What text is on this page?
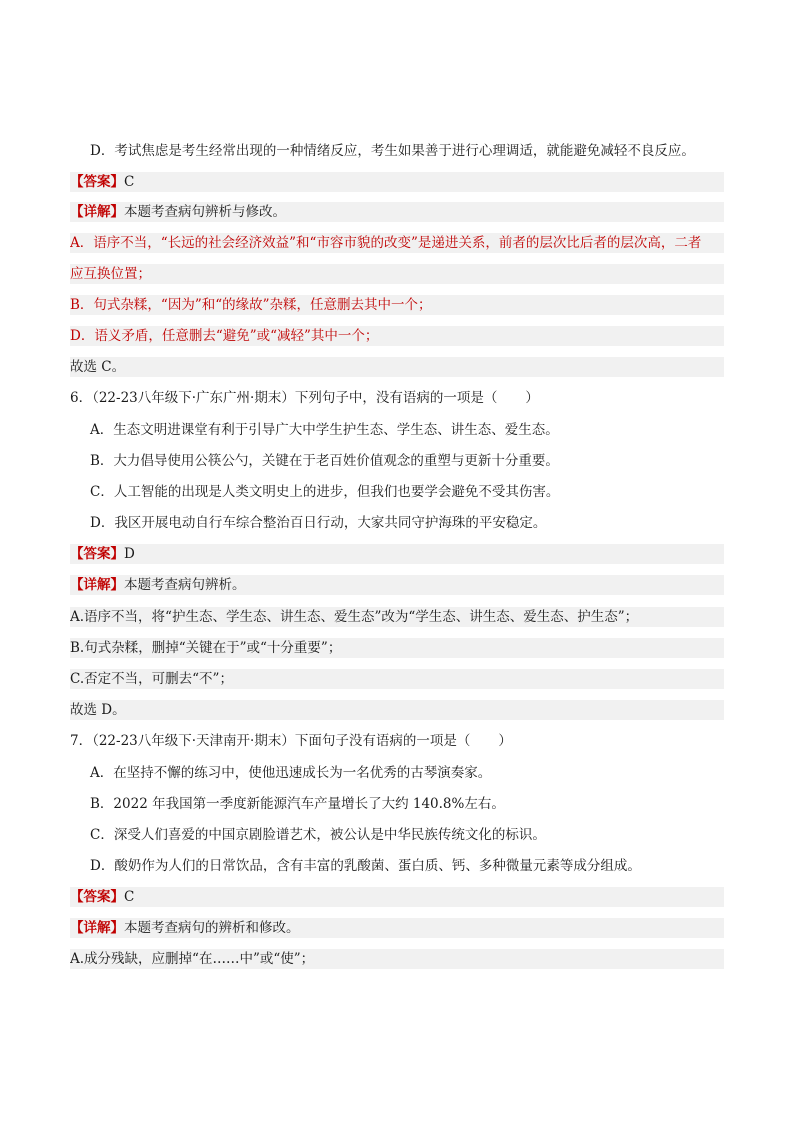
D．考试焦虑是考生经常出现的一种情绪反应，考生如果善于进行心理调适，就能避免减轻不良反应。
【答案】C
【详解】本题考查病句辨析与修改。
A．语序不当，“长远的社会经济效益”和“市容市貌的改变”是递进关系，前者的层次比后者的层次高，二者
应互换位置；
B．句式杂糅，“因为”和“的缘故”杂糅，任意删去其中一个；
D．语义矛盾，任意删去“避免”或“减轻”其中一个；
故选 C。
6．（22-23八年级下·广东广州·期末）下列句子中，没有语病的一项是（ ）
A．生态文明进课堂有利于引导广大中学生护生态、学生态、讲生态、爱生态。
B．大力倡导使用公筷公勺，关键在于老百姓价值观念的重塑与更新十分重要。
C．人工智能的出现是人类文明史上的进步，但我们也要学会避免不受其伤害。
D．我区开展电动自行车综合整治百日行动，大家共同守护海珠的平安稳定。
【答案】D
【详解】本题考查病句辨析。
A.语序不当，将“护生态、学生态、讲生态、爱生态”改为“学生态、讲生态、爱生态、护生态”；
B.句式杂糅，删掉“关键在于”或“十分重要”；
C.否定不当，可删去“不”；
故选 D。
7．（22-23八年级下·天津南开·期末）下面句子没有语病的一项是（ ）
A．在坚持不懈的练习中，使他迅速成长为一名优秀的古琴演奏家。
B．2022 年我国第一季度新能源汽车产量增长了大约 140.8%左右。
C．深受人们喜爱的中国京剧脸谱艺术，被公认是中华民族传统文化的标识。
D．酸奶作为人们的日常饮品，含有丰富的乳酸菌、蛋白质、钙、多种微量元素等成分组成。
【答案】C
【详解】本题考查病句的辨析和修改。
A.成分残缺，应删掉“在……中”或“使”；
